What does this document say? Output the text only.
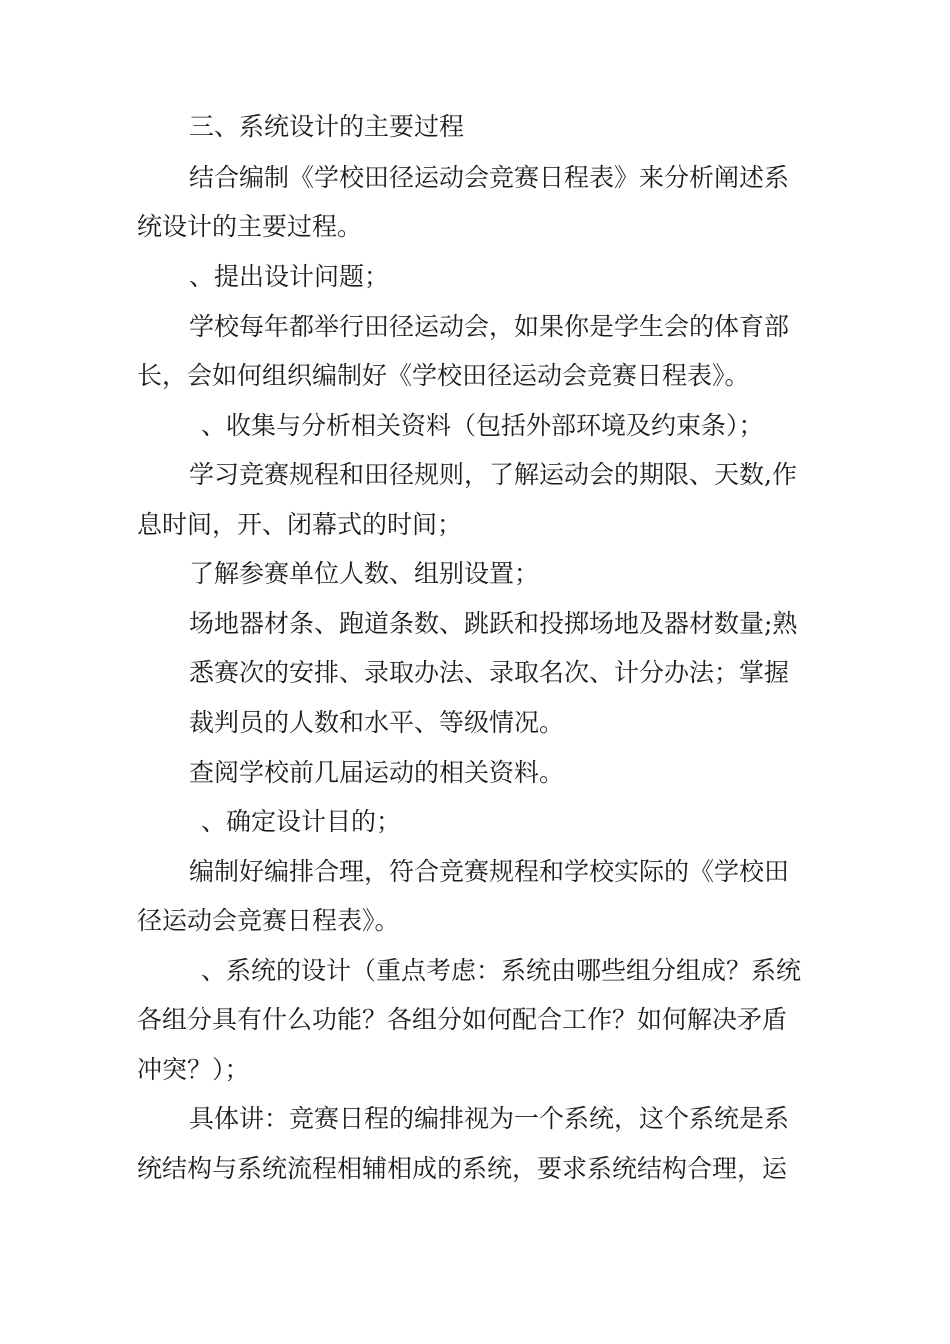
三、系统设计的主要过程
结合编制《学校田径运动会竞赛日程表》来分析阐述系
统设计的主要过程。
、提出设计问题；
学校每年都举行田径运动会，如果你是学生会的体育部
长，会如何组织编制好《学校田径运动会竞赛日程表》。
、收集与分析相关资料（包括外部环境及约束条）；
学习竞赛规程和田径规则，了解运动会的期限、天数,作
息时间，开、闭幕式的时间；
了解参赛单位人数、组别设置；
场地器材条、跑道条数、跳跃和投掷场地及器材数量;熟
悉赛次的安排、录取办法、录取名次、计分办法；掌握
裁判员的人数和水平、等级情况。
查阅学校前几届运动的相关资料。
、确定设计目的；
编制好编排合理，符合竞赛规程和学校实际的《学校田
径运动会竞赛日程表》。
、系统的设计（重点考虑：系统由哪些组分组成？系统
各组分具有什么功能？各组分如何配合工作？如何解决矛盾
冲突？）；
具体讲：竞赛日程的编排视为一个系统，这个系统是系
统结构与系统流程相辅相成的系统，要求系统结构合理，运
